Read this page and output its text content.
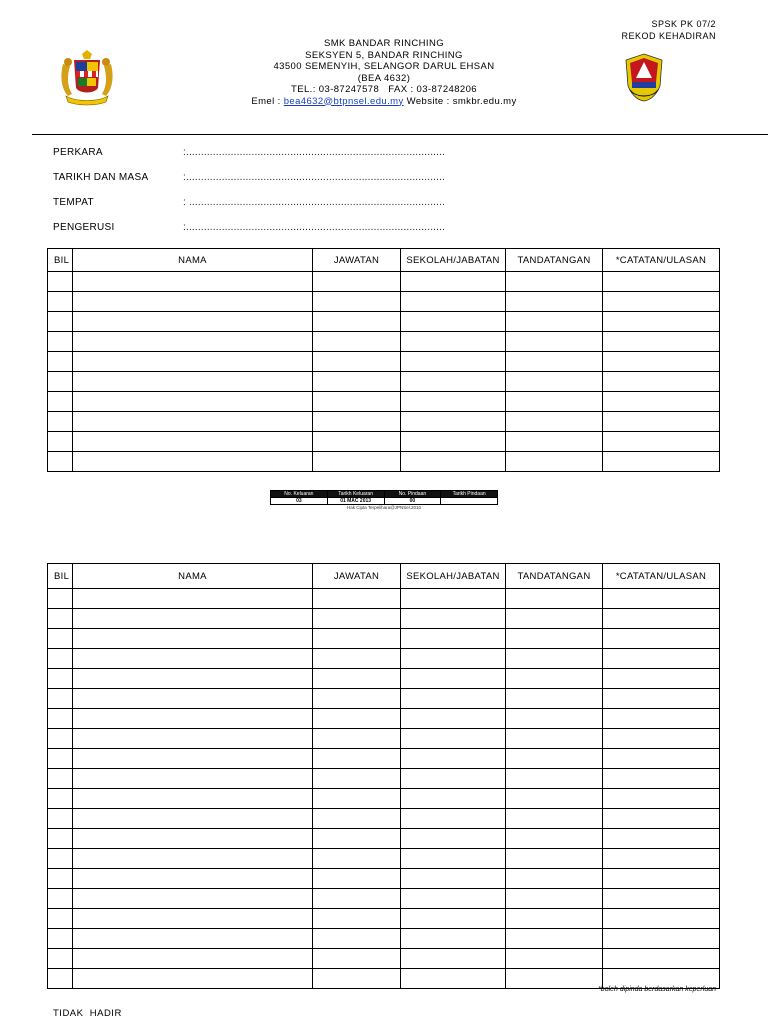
SPSK PK 07/2
REKOD KEHADIRAN
SMK BANDAR RINCHING
SEKSYEN 5, BANDAR RINCHING
43500 SEMENYIH, SELANGOR DARUL EHSAN
(BEA 4632)
TEL.: 03-87247578   FAX : 03-87248206
Emel : bea4632@btpnsel.edu.my Website : smkbr.edu.my
PERKARA	:.......................................................................................
TARIKH DAN MASA	:.......................................................................................
TEMPAT	: ......................................................................................
PENGERUSI	:.......................................................................................
BIL	NAMA	JAWATAN	SEKOLAH/JABATAN	TANDATANGAN	*CATATAN/ULASAN

No. Keluaran	Tarikh Keluaran	No. Pindaan	Tarikh Pindaan
03	01 MAC 2013	00	
Hak Cipta Terpelihara@JPNSel.2010
BIL	NAMA	JAWATAN	SEKOLAH/JABATAN	TANDATANGAN	*CATATAN/ULASAN

*boleh dipinda berdasarkan keperluan
TIDAK  HADIR
